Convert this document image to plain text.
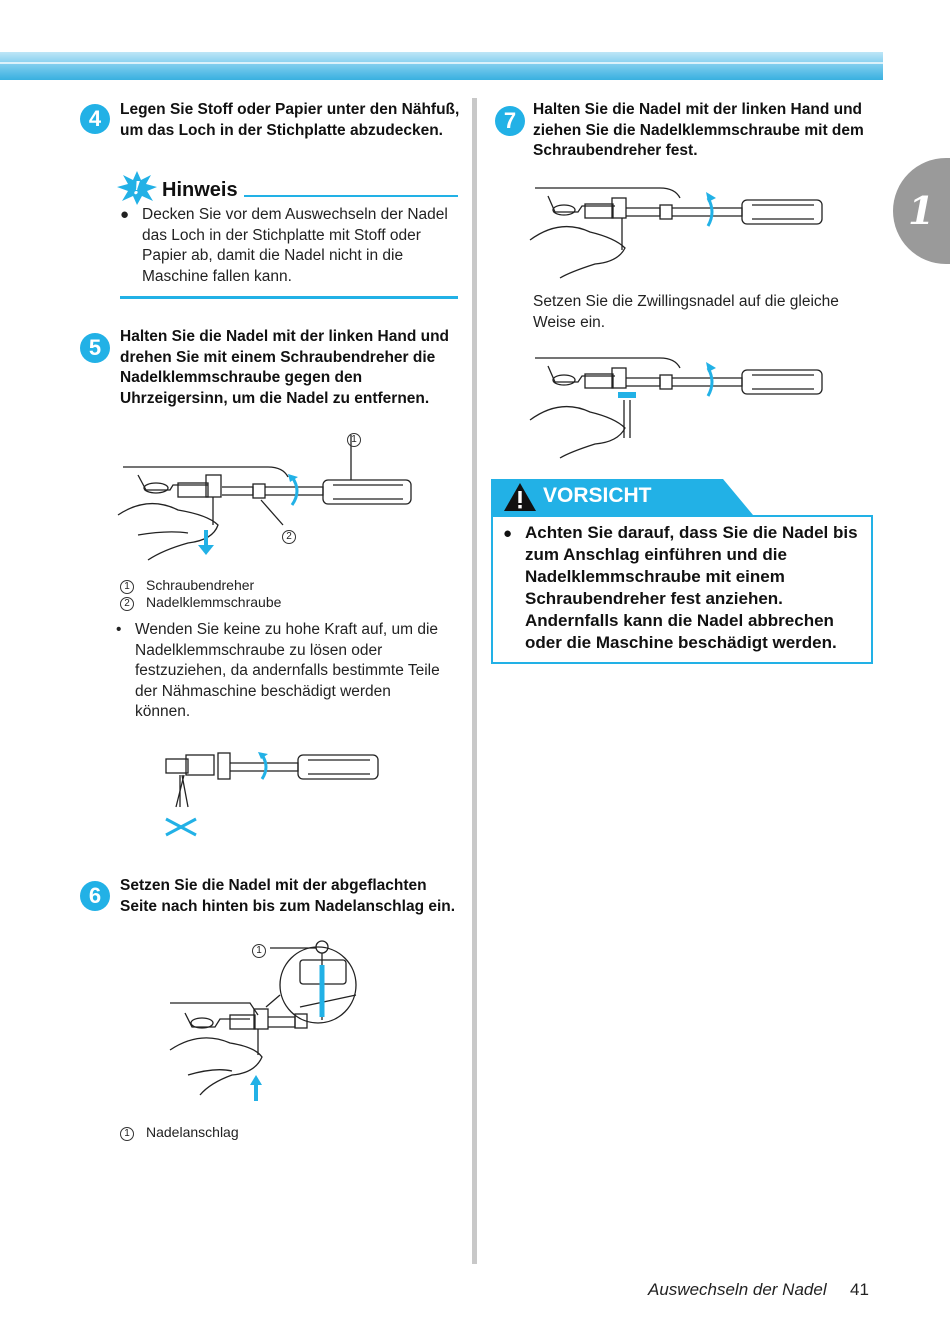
1
4	Legen Sie Stoff oder Papier unter den Nähfuß,
um das Loch in der Stichplatte abzudecken.
! Hinweis
● Decken Sie vor dem Auswechseln der Nadel
das Loch in der Stichplatte mit Stoff oder
Papier ab, damit die Nadel nicht in die
Maschine fallen kann.
5	Halten Sie die Nadel mit der linken Hand und
drehen Sie mit einem Schraubendreher die
Nadelklemmschraube gegen den
Uhrzeigersinn, um die Nadel zu entfernen.
1
2
1 Schraubendreher
2 Nadelklemmschraube
• Wenden Sie keine zu hohe Kraft auf, um die
Nadelklemmschraube zu lösen oder
festzuziehen, da andernfalls bestimmte Teile
der Nähmaschine beschädigt werden
können.
6	Setzen Sie die Nadel mit der abgeflachten
Seite nach hinten bis zum Nadelanschlag ein.
1
1 Nadelanschlag
7	Halten Sie die Nadel mit der linken Hand und
ziehen Sie die Nadelklemmschraube mit dem
Schraubendreher fest.
Setzen Sie die Zwillingsnadel auf die gleiche
Weise ein.
VORSICHT
● Achten Sie darauf, dass Sie die Nadel bis
zum Anschlag einführen und die
Nadelklemmschraube mit einem
Schraubendreher fest anziehen.
Andernfalls kann die Nadel abbrechen
oder die Maschine beschädigt werden.
Auswechseln der Nadel 41
